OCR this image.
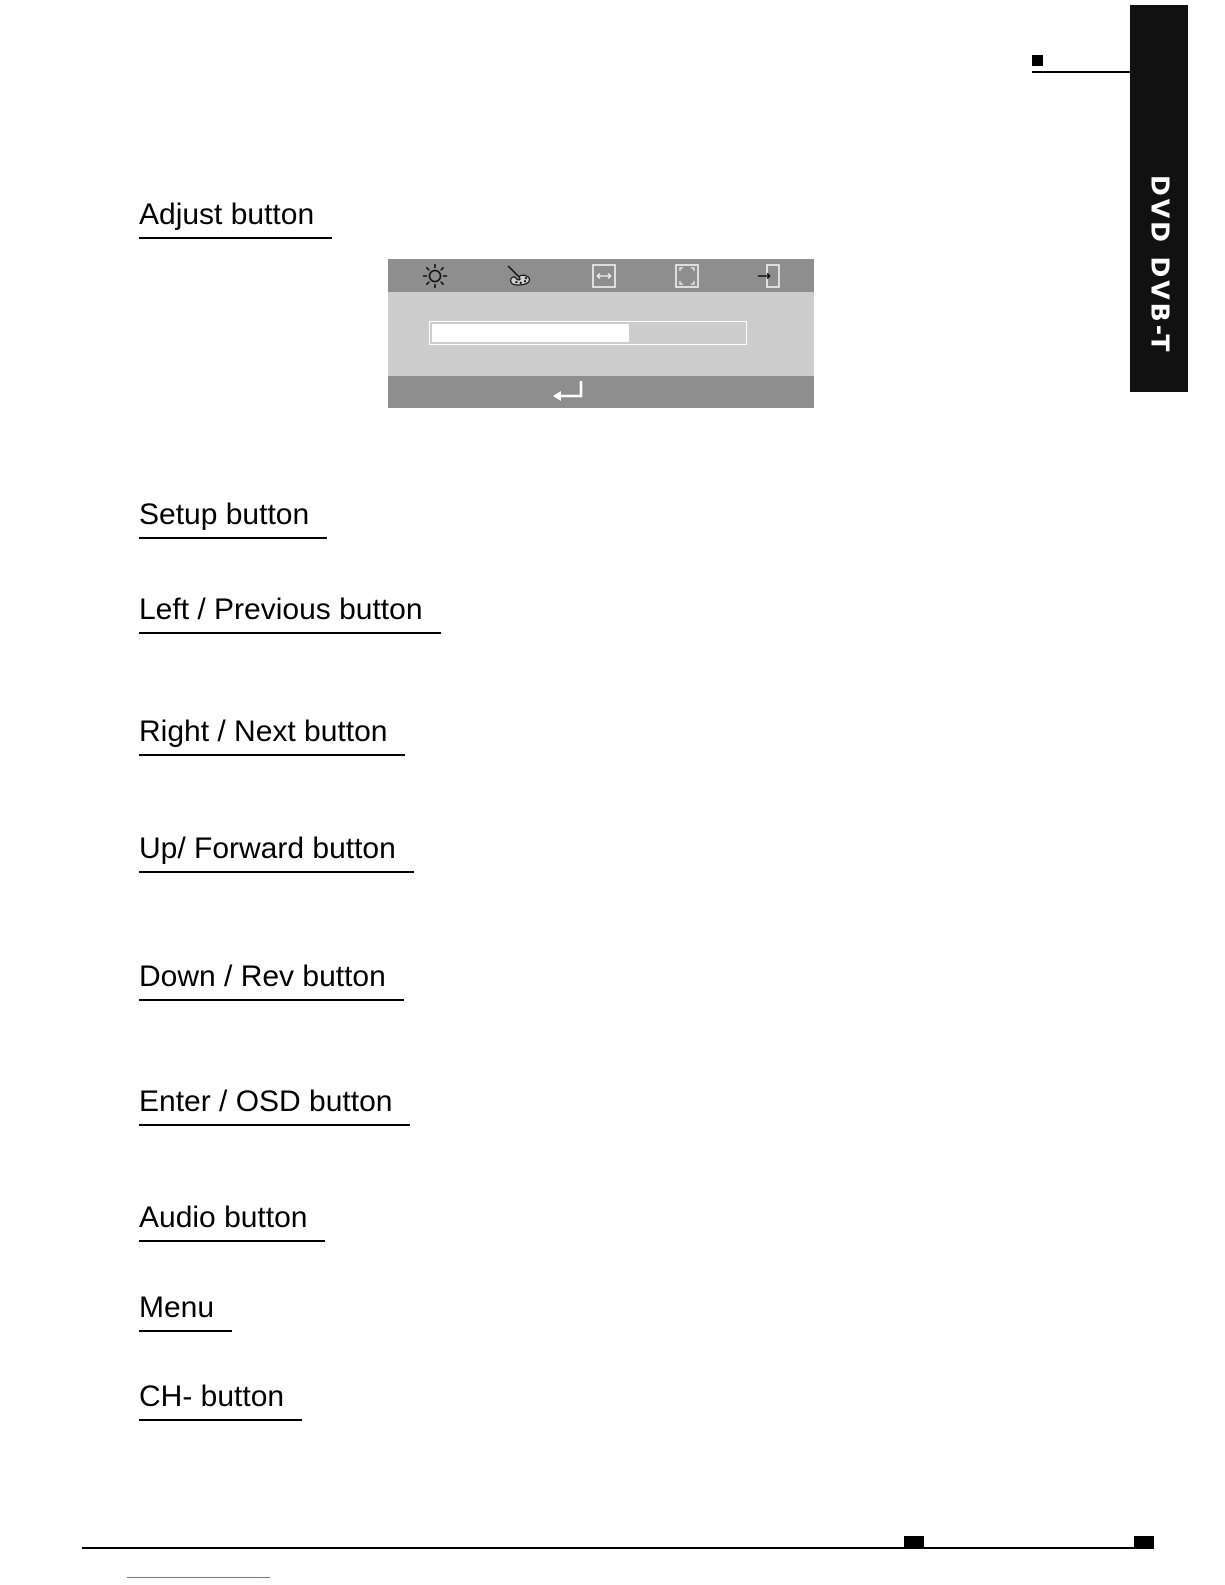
DVD DVB-T
Adjust button
Setup button
Left / Previous button
Right / Next button
Up/ Forward button
Down / Rev button
Enter / OSD button
Audio button
Menu
CH- button
